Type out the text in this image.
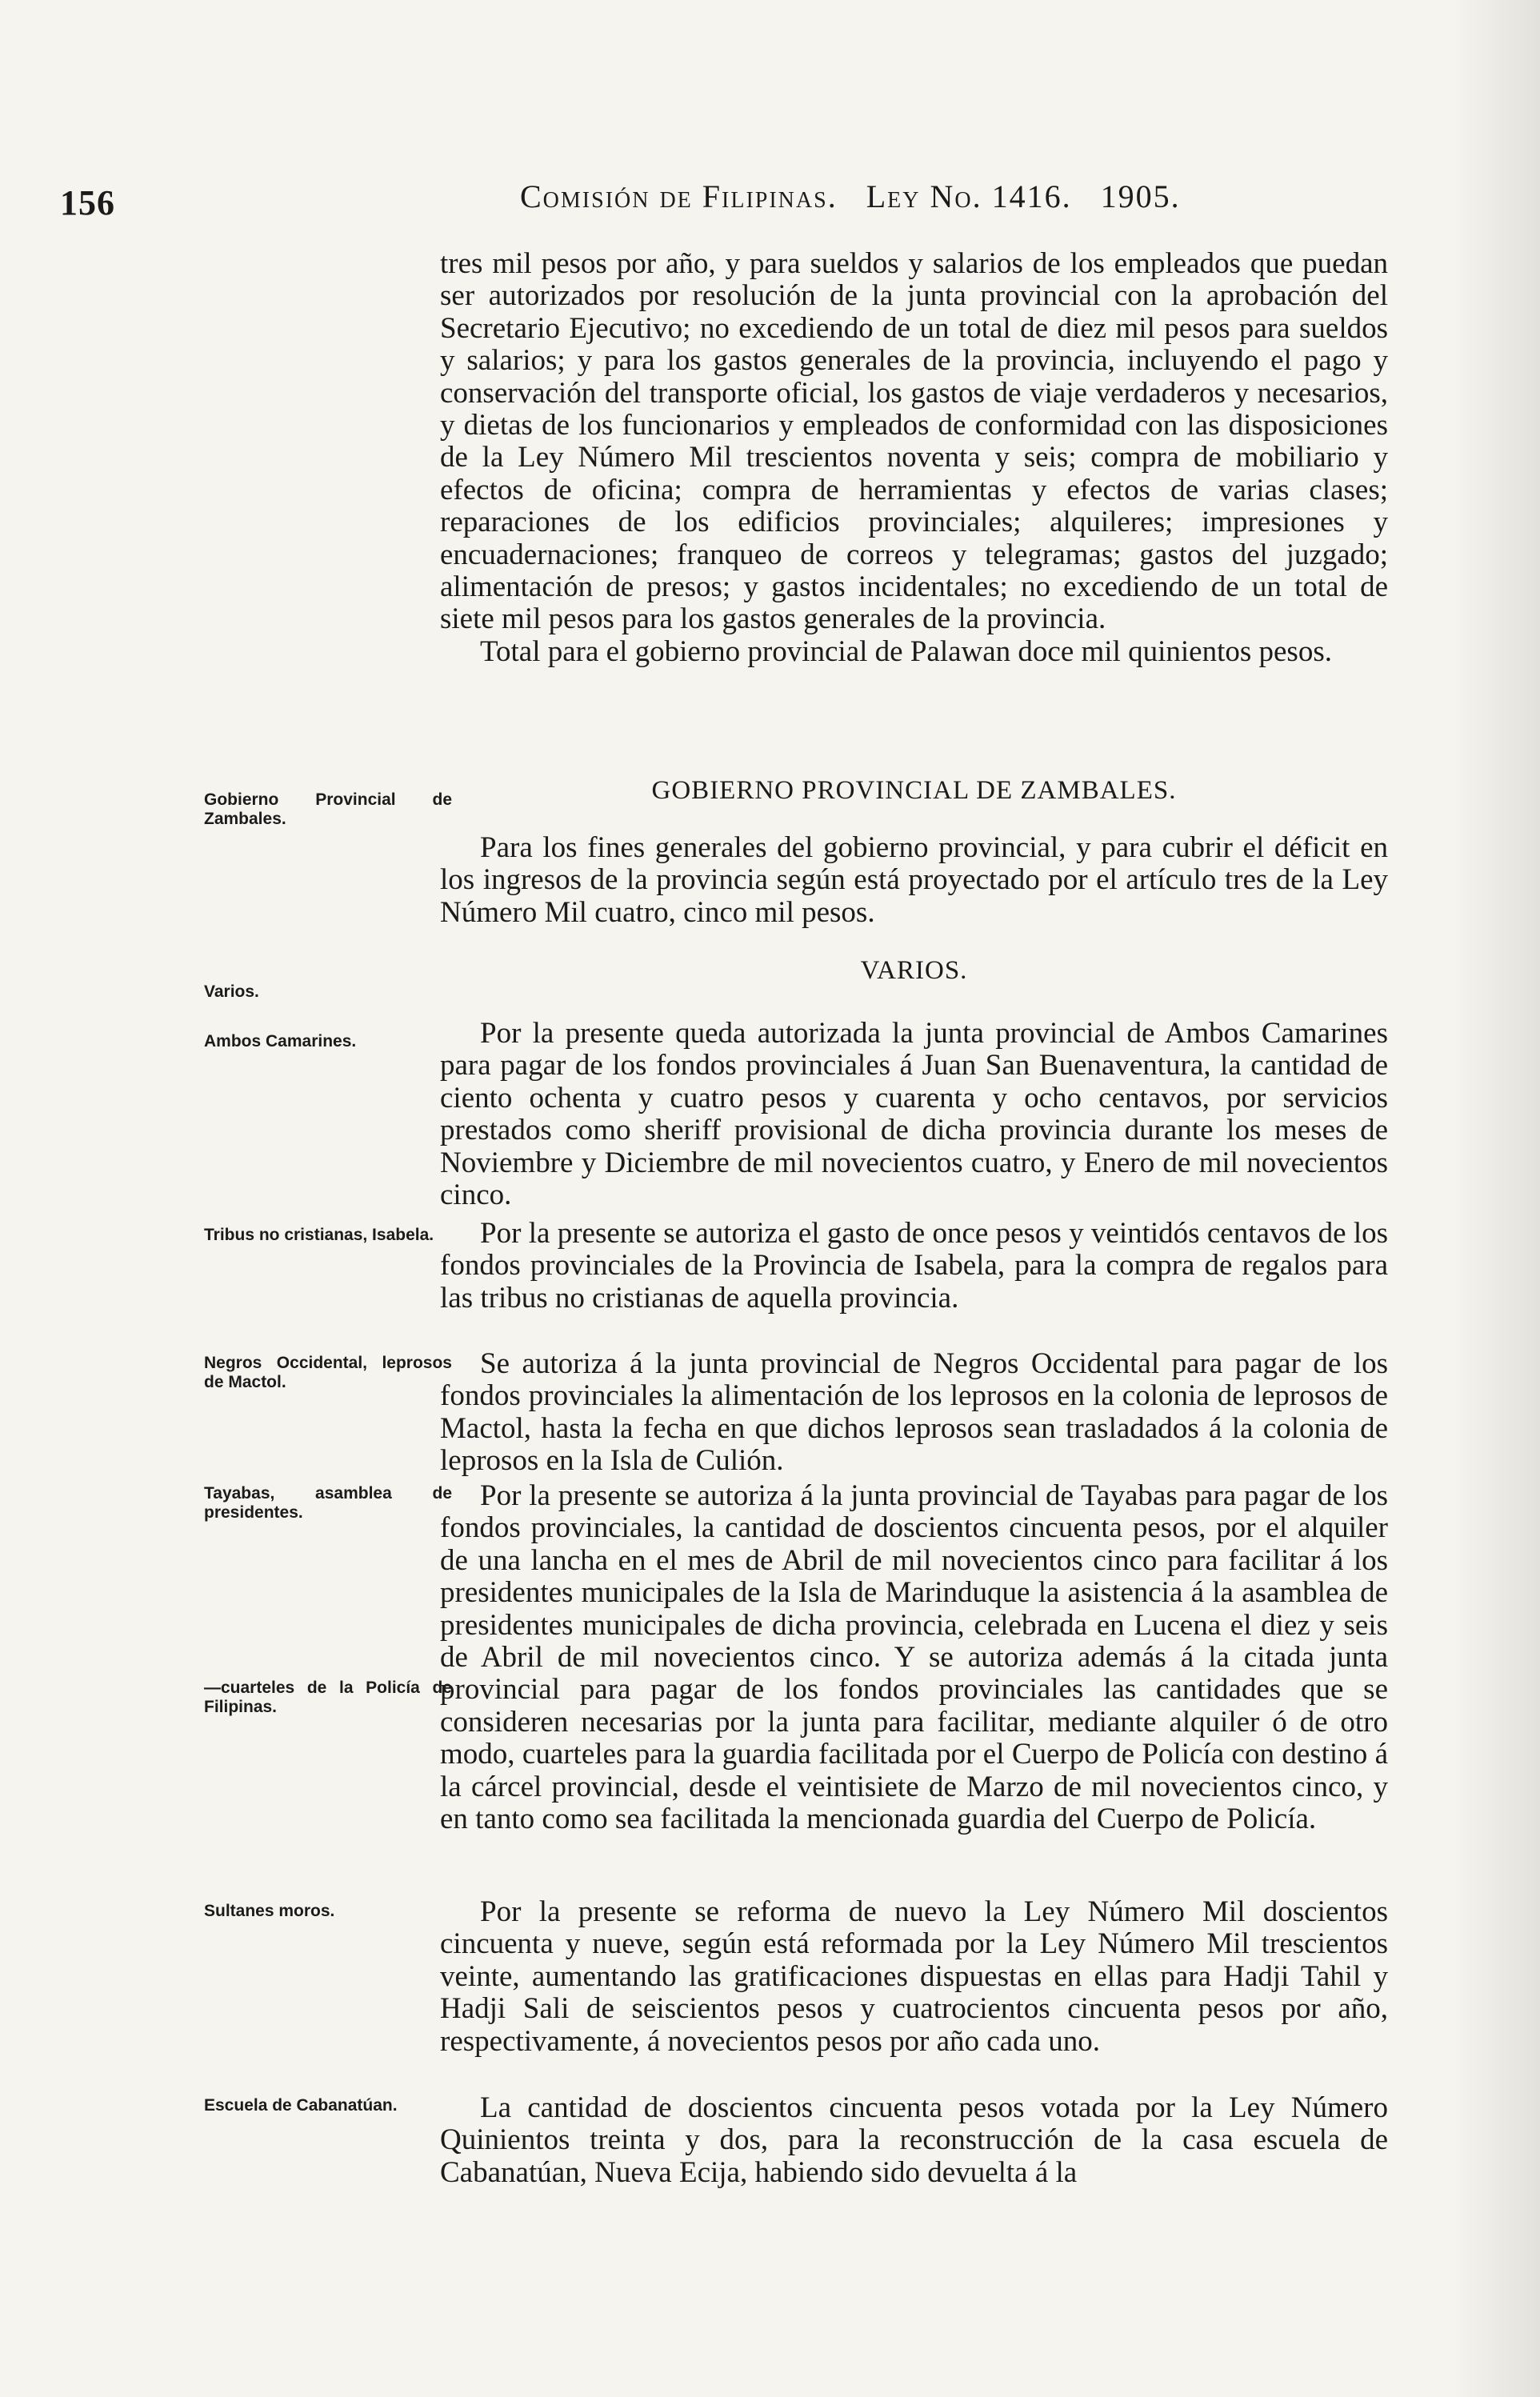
156	Comisión de Filipinas. Ley No. 1416. 1905.

tres mil pesos por año, y para sueldos y salarios de los empleados que puedan ser autorizados por resolución de la junta provincial con la aprobación del Secretario Ejecutivo; no excediendo de un total de diez mil pesos para sueldos y salarios; y para los gastos generales de la provincia, incluyendo el pago y conservación del transporte oficial, los gastos de viaje verdaderos y necesarios, y dietas de los funcionarios y empleados de conformidad con las disposiciones de la Ley Número Mil trescientos noventa y seis; compra de mobiliario y efectos de oficina; compra de herramientas y efectos de varias clases; reparaciones de los edificios provinciales; alquileres; impresiones y encuadernaciones; franqueo de correos y telegramas; gastos del juzgado; alimentación de presos; y gastos incidentales; no excediendo de un total de siete mil pesos para los gastos generales de la provincia.

Total para el gobierno provincial de Palawan doce mil quinientos pesos.

GOBIERNO PROVINCIAL DE ZAMBALES.

Para los fines generales del gobierno provincial, y para cubrir el déficit en los ingresos de la provincia según está proyectado por el artículo tres de la Ley Número Mil cuatro, cinco mil pesos.

VARIOS.

Por la presente queda autorizada la junta provincial de Ambos Camarines para pagar de los fondos provinciales á Juan San Buenaventura, la cantidad de ciento ochenta y cuatro pesos y cuarenta y ocho centavos, por servicios prestados como sheriff provisional de dicha provincia durante los meses de Noviembre y Diciembre de mil novecientos cuatro, y Enero de mil novecientos cinco.

Por la presente se autoriza el gasto de once pesos y veintidós centavos de los fondos provinciales de la Provincia de Isabela, para la compra de regalos para las tribus no cristianas de aquella provincia.

Se autoriza á la junta provincial de Negros Occidental para pagar de los fondos provinciales la alimentación de los leprosos en la colonia de leprosos de Mactol, hasta la fecha en que dichos leprosos sean trasladados á la colonia de leprosos en la Isla de Culión.

Por la presente se autoriza á la junta provincial de Tayabas para pagar de los fondos provinciales, la cantidad de doscientos cincuenta pesos, por el alquiler de una lancha en el mes de Abril de mil novecientos cinco para facilitar á los presidentes municipales de la Isla de Marinduque la asistencia á la asamblea de presidentes municipales de dicha provincia, celebrada en Lucena el diez y seis de Abril de mil novecientos cinco. Y se autoriza además á la citada junta provincial para pagar de los fondos provinciales las cantidades que se consideren necesarias por la junta para facilitar, mediante alquiler ó de otro modo, cuarteles para la guardia facilitada por el Cuerpo de Policía con destino á la cárcel provincial, desde el veintisiete de Marzo de mil novecientos cinco, y en tanto como sea facilitada la mencionada guardia del Cuerpo de Policía.

Por la presente se reforma de nuevo la Ley Número Mil doscientos cincuenta y nueve, según está reformada por la Ley Número Mil trescientos veinte, aumentando las gratificaciones dispuestas en ellas para Hadji Tahil y Hadji Sali de seiscientos pesos y cuatrocientos cincuenta pesos por año, respectivamente, á novecientos pesos por año cada uno.

La cantidad de doscientos cincuenta pesos votada por la Ley Número Quinientos treinta y dos, para la reconstrucción de la casa escuela de Cabanatúan, Nueva Ecija, habiendo sido devuelta á la

Gobierno Provincial de Zambales.
Varios.
Ambos Camarines.
Tribus no cristianas, Isabela.
Negros Occidental, leprosos de Mactol.
Tayabas, asamblea de presidentes.
—cuarteles de la Policía de Filipinas.
Sultanes moros.
Escuela de Cabanatúan.
